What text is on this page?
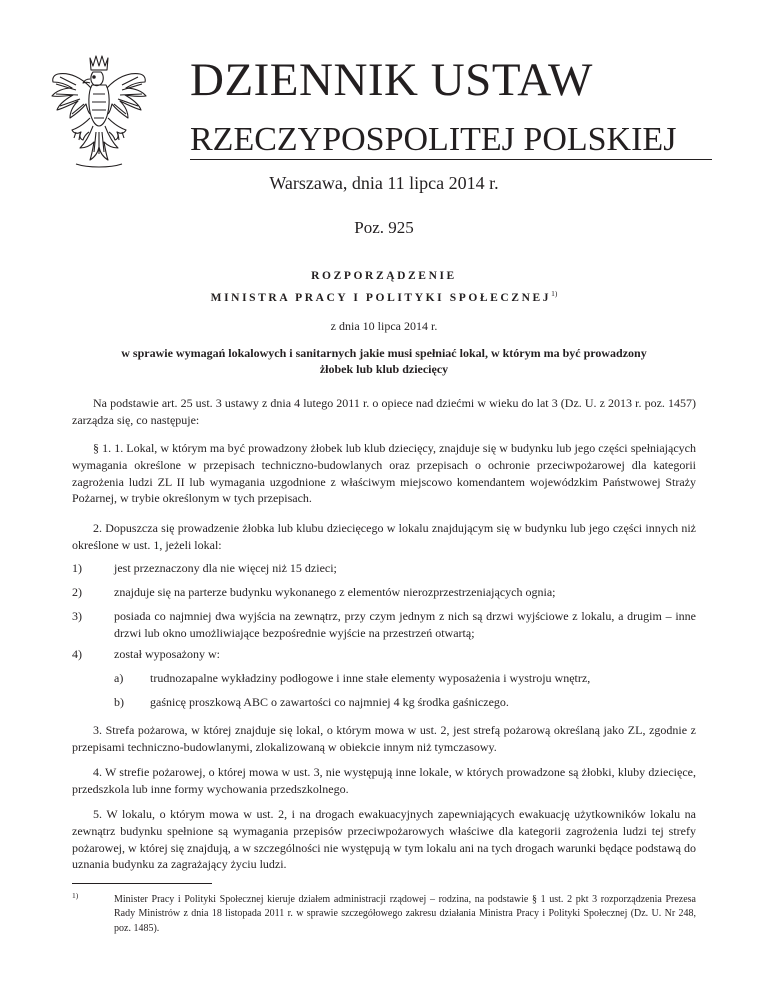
DZIENNIK USTAW
RZECZYPOSPOLITEJ POLSKIEJ
Warszawa, dnia 11 lipca 2014 r.
Poz. 925
ROZPORZĄDZENIE
MINISTRA PRACY I POLITYKI SPOŁECZNEJ$^{1)}$
z dnia 10 lipca 2014 r.
w sprawie wymagań lokalowych i sanitarnych jakie musi spełniać lokal, w którym ma być prowadzony
żłobek lub klub dziecięcy

Na podstawie art. 25 ust. 3 ustawy z dnia 4 lutego 2011 r. o opiece nad dziećmi w wieku do lat 3 (Dz. U. z 2013 r. poz. 1457) zarządza się, co następuje:

§ 1. 1. Lokal, w którym ma być prowadzony żłobek lub klub dziecięcy, znajduje się w budynku lub jego części spełniających wymagania określone w przepisach techniczno-budowlanych oraz przepisach o ochronie przeciwpożarowej dla kategorii zagrożenia ludzi ZL II lub wymagania uzgodnione z właściwym miejscowo komendantem wojewódzkim Państwowej Straży Pożarnej, w trybie określonym w tych przepisach.

2. Dopuszcza się prowadzenie żłobka lub klubu dziecięcego w lokalu znajdującym się w budynku lub jego części innych niż określone w ust. 1, jeżeli lokal:

1)	jest przeznaczony dla nie więcej niż 15 dzieci;

2)	znajduje się na parterze budynku wykonanego z elementów nierozprzestrzeniających ognia;

3)	posiada co najmniej dwa wyjścia na zewnątrz, przy czym jednym z nich są drzwi wyjściowe z lokalu, a drugim – inne drzwi lub okno umożliwiające bezpośrednie wyjście na przestrzeń otwartą;

4)	został wyposażony w:

a)	trudnozapalne wykładziny podłogowe i inne stałe elementy wyposażenia i wystroju wnętrz,

b)	gaśnicę proszkową ABC o zawartości co najmniej 4 kg środka gaśniczego.

3. Strefa pożarowa, w której znajduje się lokal, o którym mowa w ust. 2, jest strefą pożarową określaną jako ZL, zgodnie z przepisami techniczno-budowlanymi, zlokalizowaną w obiekcie innym niż tymczasowy.

1)	Minister Pracy i Polityki Społecznej kieruje działem administracji rządowej – rodzina, na podstawie § 1 ust. 2 pkt 3 rozporządzenia Prezesa Rady Ministrów z dnia 18 listopada 2011 r. w sprawie szczegółowego zakresu działania Ministra Pracy i Polityki Społecznej (Dz. U. Nr 248, poz. 1485).

4. W strefie pożarowej, o której mowa w ust. 3, nie występują inne lokale, w których prowadzone są żłobki, kluby dziecięce, przedszkola lub inne formy wychowania przedszkolnego.

5. W lokalu, o którym mowa w ust. 2, i na drogach ewakuacyjnych zapewniających ewakuację użytkowników lokalu na zewnątrz budynku spełnione są wymagania przepisów przeciwpożarowych właściwe dla kategorii zagrożenia ludzi tej strefy pożarowej, w której się znajdują, a w szczególności nie występują w tym lokalu ani na tych drogach warunki będące podstawą do uznania budynku za zagrażający życiu ludzi.
